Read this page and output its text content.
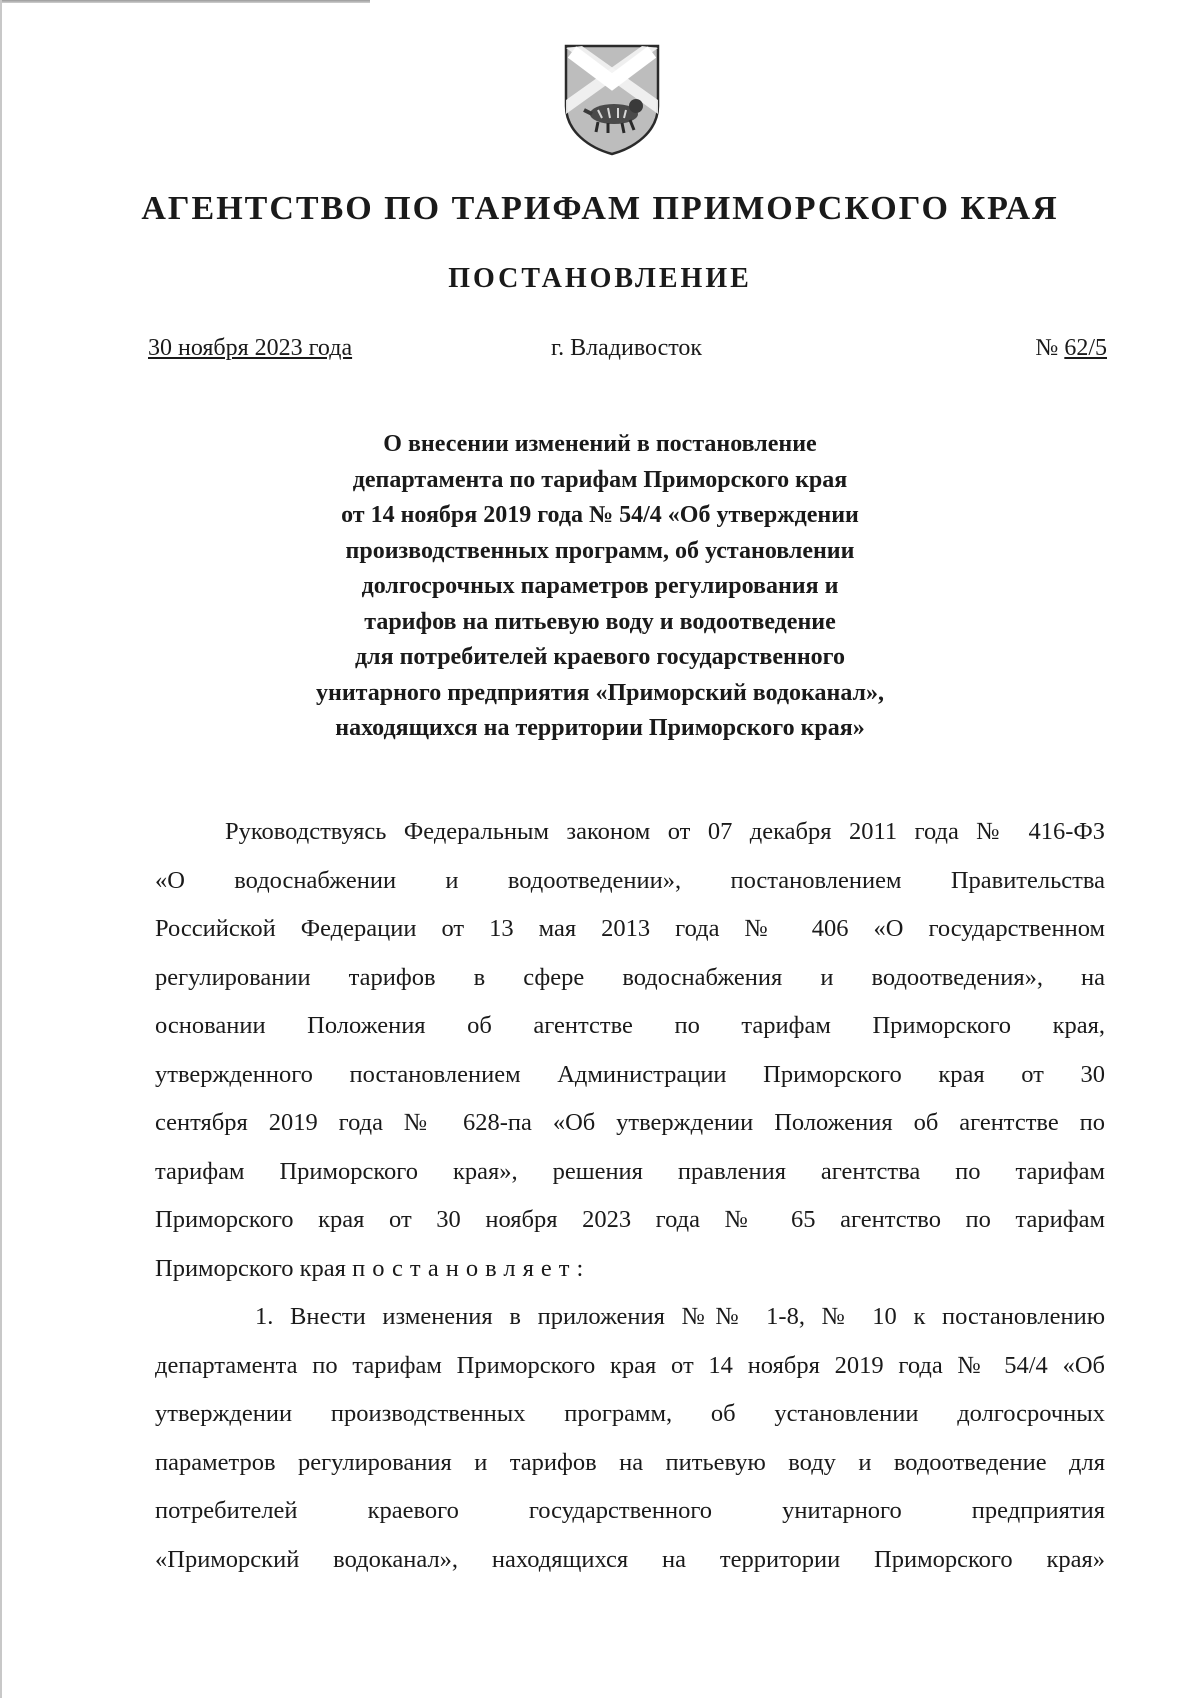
АГЕНТСТВО ПО ТАРИФАМ ПРИМОРСКОГО КРАЯ
ПОСТАНОВЛЕНИЕ
30 ноября 2023 года	г. Владивосток	№ 62/5
О внесении изменений в постановление
департамента по тарифам Приморского края
от 14 ноября 2019 года № 54/4 «Об утверждении
производственных программ, об установлении
долгосрочных параметров регулирования и
тарифов на питьевую воду и водоотведение
для потребителей краевого государственного
унитарного предприятия «Приморский водоканал»,
находящихся на территории Приморского края»
Руководствуясь Федеральным законом от 07 декабря 2011 года № 416-ФЗ
«О водоснабжении и водоотведении», постановлением Правительства
Российской Федерации от 13 мая 2013 года № 406 «О государственном
регулировании тарифов в сфере водоснабжения и водоотведения», на
основании Положения об агентстве по тарифам Приморского края,
утвержденного постановлением Администрации Приморского края от 30
сентября 2019 года № 628-па «Об утверждении Положения об агентстве по
тарифам Приморского края», решения правления агентства по тарифам
Приморского края от 30 ноября 2023 года № 65 агентство по тарифам
Приморского края постановляет:
1. Внести изменения в приложения №№ 1-8, № 10 к постановлению
департамента по тарифам Приморского края от 14 ноября 2019 года № 54/4 «Об
утверждении производственных программ, об установлении долгосрочных
параметров регулирования и тарифов на питьевую воду и водоотведение для
потребителей краевого государственного унитарного предприятия
«Приморский водоканал», находящихся на территории Приморского края»
